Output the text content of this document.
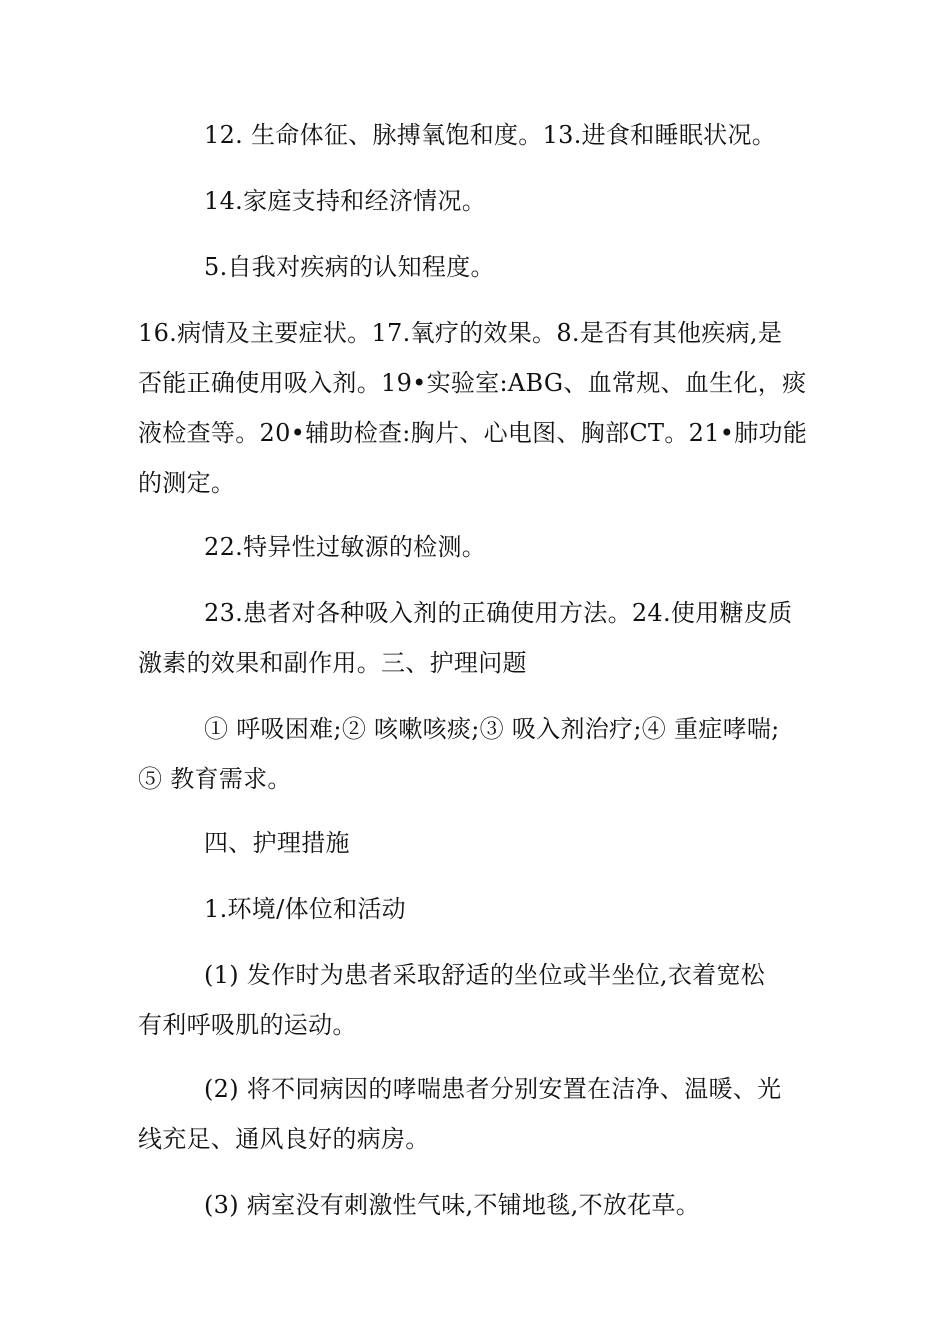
12. 生命体征、脉搏氧饱和度。13.进食和睡眠状况。

14.家庭支持和经济情况。

5.自我对疾病的认知程度。

16.病情及主要症状。17.氧疗的效果。8.是否有其他疾病,是
否能正确使用吸入剂。19•实验室:ABG、血常规、血生化，痰
液检查等。20•辅助检查:胸片、心电图、胸部CT。21•肺功能
的测定。

22.特异性过敏源的检测。

23.患者对各种吸入剂的正确使用方法。24.使用糖皮质
激素的效果和副作用。三、护理问题

① 呼吸困难;② 咳嗽咳痰;③ 吸入剂治疗;④ 重症哮喘;
⑤ 教育需求。

四、护理措施

1.环境/体位和活动

(1) 发作时为患者采取舒适的坐位或半坐位,衣着宽松
有利呼吸肌的运动。

(2) 将不同病因的哮喘患者分别安置在洁净、温暖、光
线充足、通风良好的病房。

(3) 病室没有刺激性气味,不铺地毯,不放花草。
